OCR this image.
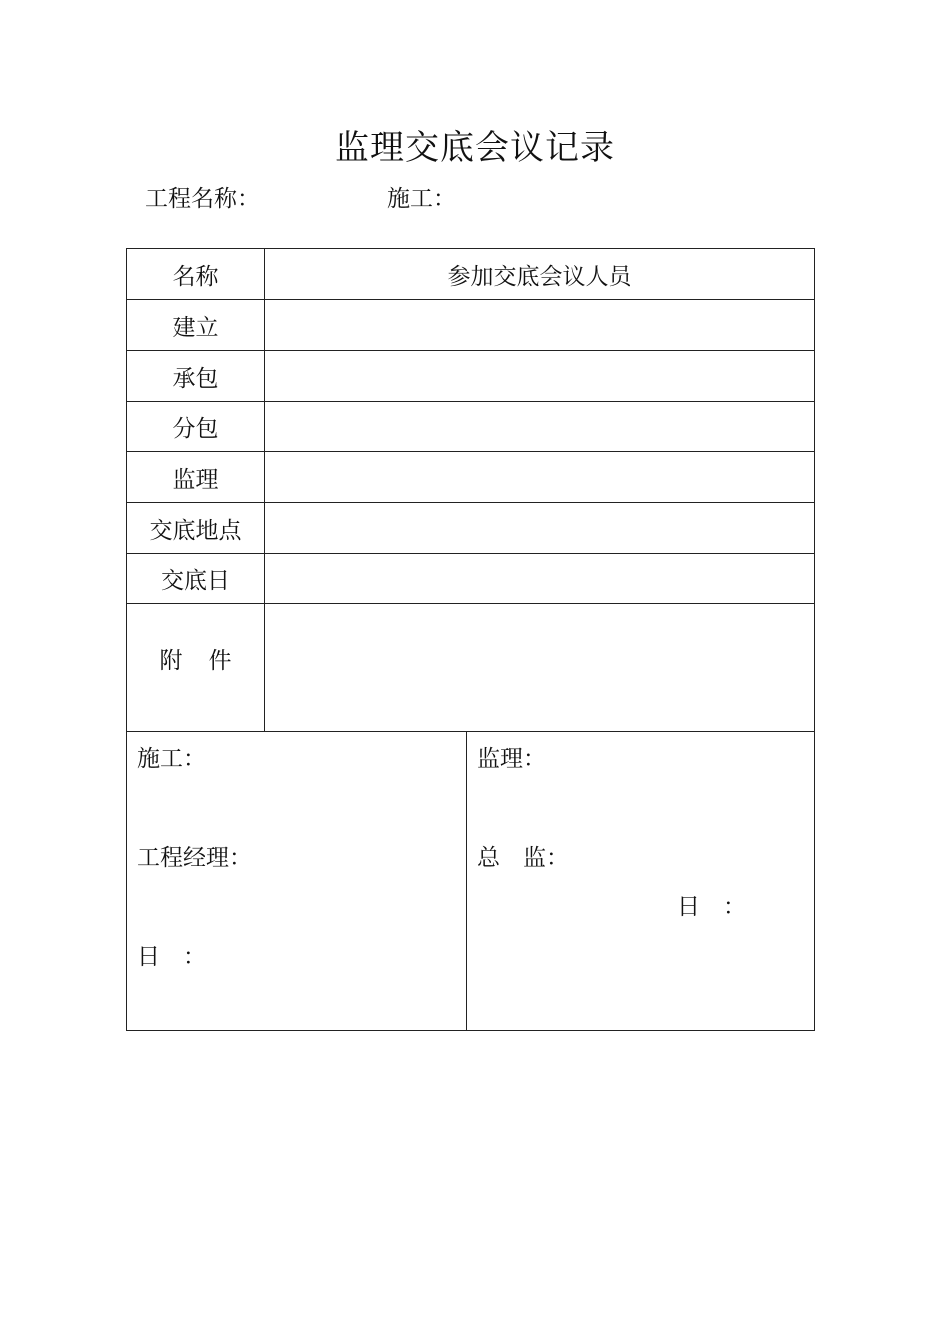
监理交底会议记录
工程名称：	施工：
名称	参加交底会议人员
建立
承包
分包
监理
交底地点
交底日
附件
施工：
工程经理：
日　：
监理：
总　监：
日　：
